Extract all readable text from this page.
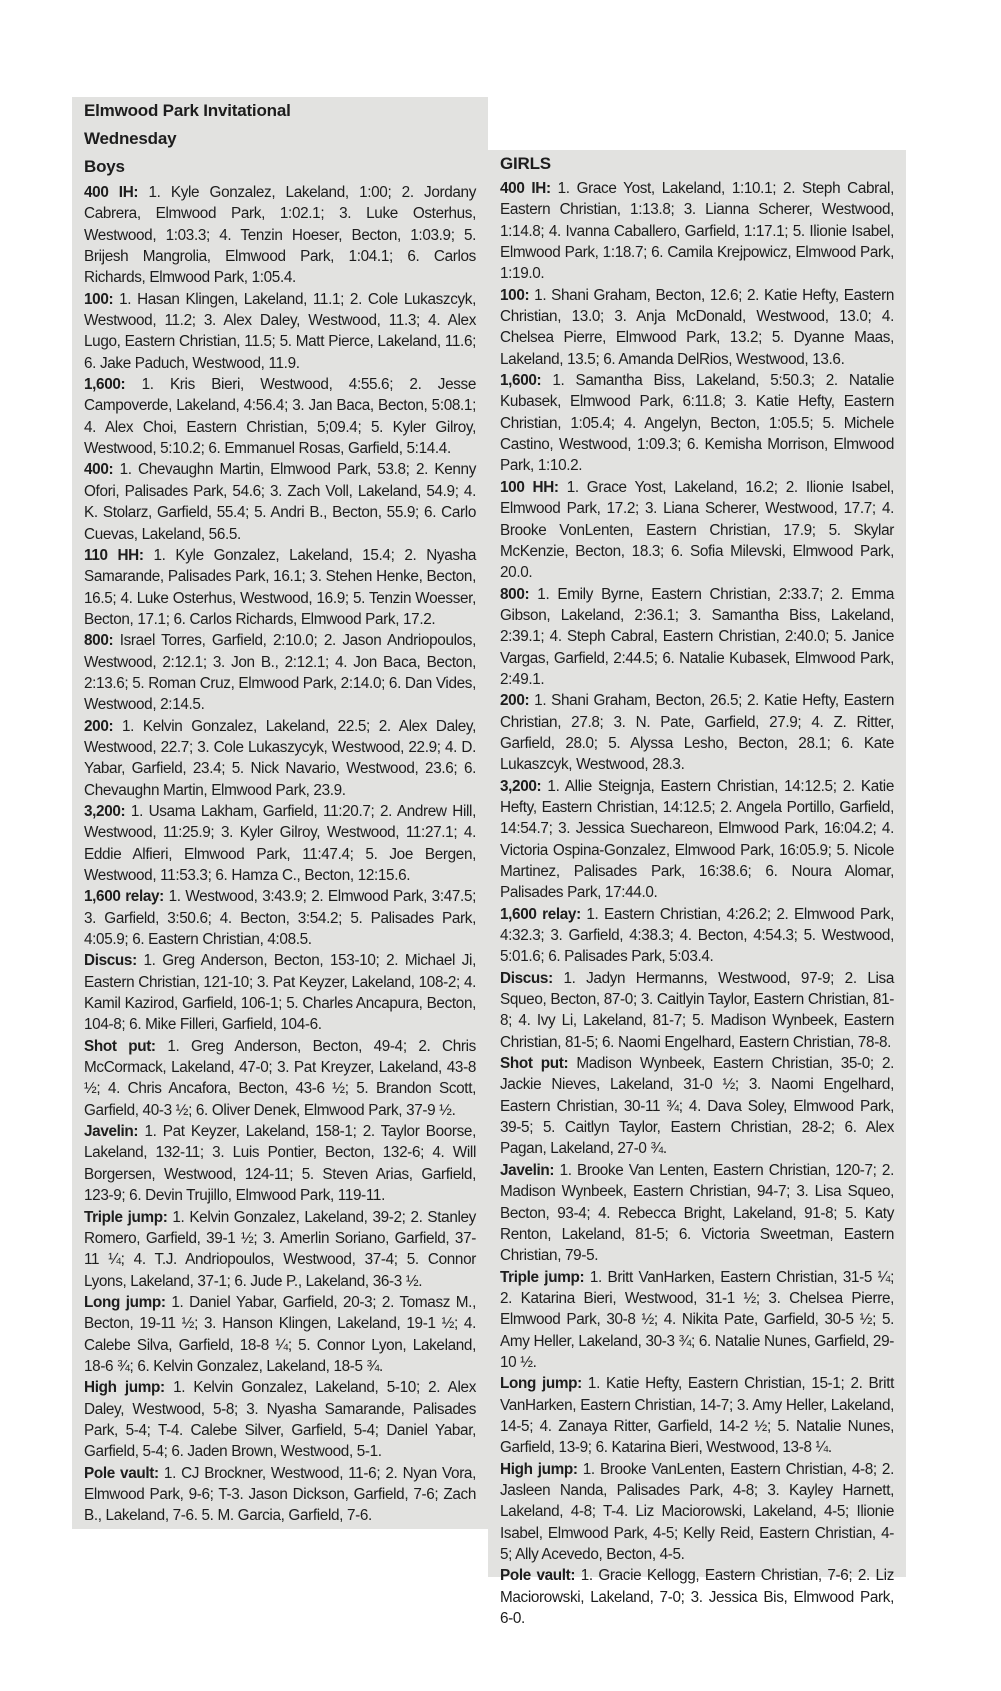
Elmwood Park Invitational
Wednesday
Boys

400 IH: 1. Kyle Gonzalez, Lakeland, 1:00; 2. Jordany Cabrera, Elmwood Park, 1:02.1; 3. Luke Osterhus, Westwood, 1:03.3; 4. Tenzin Hoeser, Becton, 1:03.9; 5. Brijesh Mangrolia, Elmwood Park, 1:04.1; 6. Carlos Richards, Elmwood Park, 1:05.4.

100: 1. Hasan Klingen, Lakeland, 11.1; 2. Cole Lukaszcyk, Westwood, 11.2; 3. Alex Daley, Westwood, 11.3; 4. Alex Lugo, Eastern Christian, 11.5; 5. Matt Pierce, Lakeland, 11.6; 6. Jake Paduch, Westwood, 11.9.

1,600: 1. Kris Bieri, Westwood, 4:55.6; 2. Jesse Campoverde, Lakeland, 4:56.4; 3. Jan Baca, Becton, 5:08.1; 4. Alex Choi, Eastern Christian, 5;09.4; 5. Kyler Gilroy, Westwood, 5:10.2; 6. Emmanuel Rosas, Garfield, 5:14.4.

400: 1. Chevaughn Martin, Elmwood Park, 53.8; 2. Kenny Ofori, Palisades Park, 54.6; 3. Zach Voll, Lakeland, 54.9; 4. K. Stolarz, Garfield, 55.4; 5. Andri B., Becton, 55.9; 6. Carlo Cuevas, Lakeland, 56.5.

110 HH: 1. Kyle Gonzalez, Lakeland, 15.4; 2. Nyasha Samarande, Palisades Park, 16.1; 3. Stehen Henke, Becton, 16.5; 4. Luke Osterhus, Westwood, 16.9; 5. Tenzin Woesser, Becton, 17.1; 6. Carlos Richards, Elmwood Park, 17.2.

800: Israel Torres, Garfield, 2:10.0; 2. Jason Andriopoulos, Westwood, 2:12.1; 3. Jon B., 2:12.1; 4. Jon Baca, Becton, 2:13.6; 5. Roman Cruz, Elmwood Park, 2:14.0; 6. Dan Vides, Westwood, 2:14.5.

200: 1. Kelvin Gonzalez, Lakeland, 22.5; 2. Alex Daley, Westwood, 22.7; 3. Cole Lukaszycyk, Westwood, 22.9; 4. D. Yabar, Garfield, 23.4; 5. Nick Navario, Westwood, 23.6; 6. Chevaughn Martin, Elmwood Park, 23.9.

3,200: 1. Usama Lakham, Garfield, 11:20.7; 2. Andrew Hill, Westwood, 11:25.9; 3. Kyler Gilroy, Westwood, 11:27.1; 4. Eddie Alfieri, Elmwood Park, 11:47.4; 5. Joe Bergen, Westwood, 11:53.3; 6. Hamza C., Becton, 12:15.6.

1,600 relay: 1. Westwood, 3:43.9; 2. Elmwood Park, 3:47.5; 3. Garfield, 3:50.6; 4. Becton, 3:54.2; 5. Palisades Park, 4:05.9; 6. Eastern Christian, 4:08.5.

Discus: 1. Greg Anderson, Becton, 153-10; 2. Michael Ji, Eastern Christian, 121-10; 3. Pat Keyzer, Lakeland, 108-2; 4. Kamil Kazirod, Garfield, 106-1; 5. Charles Ancapura, Becton, 104-8; 6. Mike Filleri, Garfield, 104-6.

Shot put: 1. Greg Anderson, Becton, 49-4; 2. Chris McCormack, Lakeland, 47-0; 3. Pat Kreyzer, Lakeland, 43-8 ½; 4. Chris Ancafora, Becton, 43-6 ½; 5. Brandon Scott, Garfield, 40-3 ½; 6. Oliver Denek, Elmwood Park, 37-9 ½.

Javelin: 1. Pat Keyzer, Lakeland, 158-1; 2. Taylor Boorse, Lakeland, 132-11; 3. Luis Pontier, Becton, 132-6; 4. Will Borgersen, Westwood, 124-11; 5. Steven Arias, Garfield, 123-9; 6. Devin Trujillo, Elmwood Park, 119-11.

Triple jump: 1. Kelvin Gonzalez, Lakeland, 39-2; 2. Stanley Romero, Garfield, 39-1 ½; 3. Amerlin Soriano, Garfield, 37-11 ¼; 4. T.J. Andriopoulos, Westwood, 37-4; 5. Connor Lyons, Lakeland, 37-1; 6. Jude P., Lakeland, 36-3 ½.

Long jump: 1. Daniel Yabar, Garfield, 20-3; 2. Tomasz M., Becton, 19-11 ½; 3. Hanson Klingen, Lakeland, 19-1 ½; 4. Calebe Silva, Garfield, 18-8 ¼; 5. Connor Lyon, Lakeland, 18-6 ¾; 6. Kelvin Gonzalez, Lakeland, 18-5 ¾.

High jump: 1. Kelvin Gonzalez, Lakeland, 5-10; 2. Alex Daley, Westwood, 5-8; 3. Nyasha Samarande, Palisades Park, 5-4; T-4. Calebe Silver, Garfield, 5-4; Daniel Yabar, Garfield, 5-4; 6. Jaden Brown, Westwood, 5-1.

Pole vault: 1. CJ Brockner, Westwood, 11-6; 2. Nyan Vora, Elmwood Park, 9-6; T-3. Jason Dickson, Garfield, 7-6; Zach B., Lakeland, 7-6. 5. M. Garcia, Garfield, 7-6.

GIRLS

400 IH: 1. Grace Yost, Lakeland, 1:10.1; 2. Steph Cabral, Eastern Christian, 1:13.8; 3. Lianna Scherer, Westwood, 1:14.8; 4. Ivanna Caballero, Garfield, 1:17.1; 5. Ilionie Isabel, Elmwood Park, 1:18.7; 6. Camila Krejpowicz, Elmwood Park, 1:19.0.

100: 1. Shani Graham, Becton, 12.6; 2. Katie Hefty, Eastern Christian, 13.0; 3. Anja McDonald, Westwood, 13.0; 4. Chelsea Pierre, Elmwood Park, 13.2; 5. Dyanne Maas, Lakeland, 13.5; 6. Amanda DelRios, Westwood, 13.6.

1,600: 1. Samantha Biss, Lakeland, 5:50.3; 2. Natalie Kubasek, Elmwood Park, 6:11.8; 3. Katie Hefty, Eastern Christian, 1:05.4; 4. Angelyn, Becton, 1:05.5; 5. Michele Castino, Westwood, 1:09.3; 6. Kemisha Morrison, Elmwood Park, 1:10.2.

100 HH: 1. Grace Yost, Lakeland, 16.2; 2. Ilionie Isabel, Elmwood Park, 17.2; 3. Liana Scherer, Westwood, 17.7; 4. Brooke VonLenten, Eastern Christian, 17.9; 5. Skylar McKenzie, Becton, 18.3; 6. Sofia Milevski, Elmwood Park, 20.0.

800: 1. Emily Byrne, Eastern Christian, 2:33.7; 2. Emma Gibson, Lakeland, 2:36.1; 3. Samantha Biss, Lakeland, 2:39.1; 4. Steph Cabral, Eastern Christian, 2:40.0; 5. Janice Vargas, Garfield, 2:44.5; 6. Natalie Kubasek, Elmwood Park, 2:49.1.

200: 1. Shani Graham, Becton, 26.5; 2. Katie Hefty, Eastern Christian, 27.8; 3. N. Pate, Garfield, 27.9; 4. Z. Ritter, Garfield, 28.0; 5. Alyssa Lesho, Becton, 28.1; 6. Kate Lukaszcyk, Westwood, 28.3.

3,200: 1. Allie Steignja, Eastern Christian, 14:12.5; 2. Katie Hefty, Eastern Christian, 14:12.5; 2. Angela Portillo, Garfield, 14:54.7; 3. Jessica Suechareon, Elmwood Park, 16:04.2; 4. Victoria Ospina-Gonzalez, Elmwood Park, 16:05.9; 5. Nicole Martinez, Palisades Park, 16:38.6; 6. Noura Alomar, Palisades Park, 17:44.0.

1,600 relay: 1. Eastern Christian, 4:26.2; 2. Elmwood Park, 4:32.3; 3. Garfield, 4:38.3; 4. Becton, 4:54.3; 5. Westwood, 5:01.6; 6. Palisades Park, 5:03.4.

Discus: 1. Jadyn Hermanns, Westwood, 97-9; 2. Lisa Squeo, Becton, 87-0; 3. Caitlyin Taylor, Eastern Christian, 81-8; 4. Ivy Li, Lakeland, 81-7; 5. Madison Wynbeek, Eastern Christian, 81-5; 6. Naomi Engelhard, Eastern Christian, 78-8.

Shot put: Madison Wynbeek, Eastern Christian, 35-0; 2. Jackie Nieves, Lakeland, 31-0 ½; 3. Naomi Engelhard, Eastern Christian, 30-11 ¾; 4. Dava Soley, Elmwood Park, 39-5; 5. Caitlyn Taylor, Eastern Christian, 28-2; 6. Alex Pagan, Lakeland, 27-0 ¾.

Javelin: 1. Brooke Van Lenten, Eastern Christian, 120-7; 2. Madison Wynbeek, Eastern Christian, 94-7; 3. Lisa Squeo, Becton, 93-4; 4. Rebecca Bright, Lakeland, 91-8; 5. Katy Renton, Lakeland, 81-5; 6. Victoria Sweetman, Eastern Christian, 79-5.

Triple jump: 1. Britt VanHarken, Eastern Christian, 31-5 ¼; 2. Katarina Bieri, Westwood, 31-1 ½; 3. Chelsea Pierre, Elmwood Park, 30-8 ½; 4. Nikita Pate, Garfield, 30-5 ½; 5. Amy Heller, Lakeland, 30-3 ¾; 6. Natalie Nunes, Garfield, 29-10 ½.

Long jump: 1. Katie Hefty, Eastern Christian, 15-1; 2. Britt VanHarken, Eastern Christian, 14-7; 3. Amy Heller, Lakeland, 14-5; 4. Zanaya Ritter, Garfield, 14-2 ½; 5. Natalie Nunes, Garfield, 13-9; 6. Katarina Bieri, Westwood, 13-8 ¼.

High jump: 1. Brooke VanLenten, Eastern Christian, 4-8; 2. Jasleen Nanda, Palisades Park, 4-8; 3. Kayley Harnett, Lakeland, 4-8; T-4. Liz Maciorowski, Lakeland, 4-5; Ilionie Isabel, Elmwood Park, 4-5; Kelly Reid, Eastern Christian, 4-5; Ally Acevedo, Becton, 4-5.

Pole vault: 1. Gracie Kellogg, Eastern Christian, 7-6; 2. Liz Maciorowski, Lakeland, 7-0; 3. Jessica Bis, Elmwood Park, 6-0.
